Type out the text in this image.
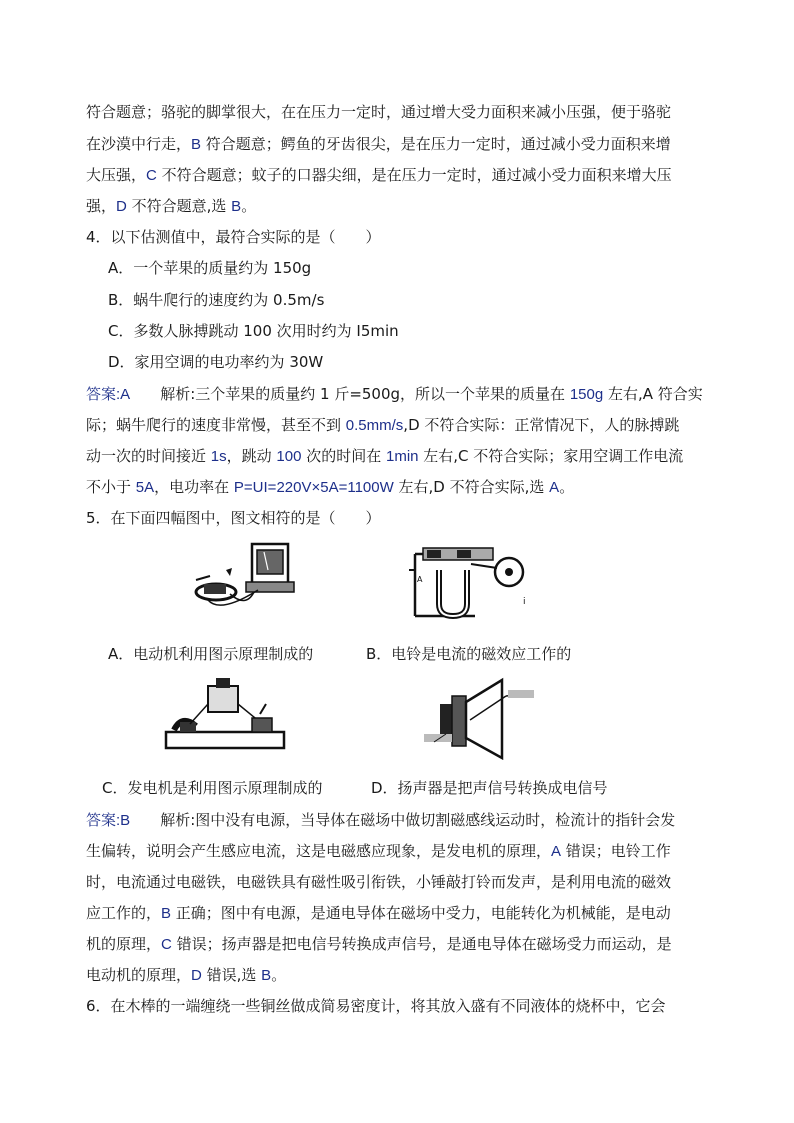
符合题意；骆驼的脚掌很大，在在压力一定时，通过增大受力面积来减小压强，便于骆驼
在沙漠中行走，B 符合题意；鳄鱼的牙齿很尖，是在压力一定时，通过减小受力面积来增
大压强，C 不符合题意；蚊子的口器尖细，是在压力一定时，通过减小受力面积来增大压
强，D 不符合题意,选 B。
4．以下估测值中，最符合实际的是（　　）
A．一个苹果的质量约为 150g
B．蜗牛爬行的速度约为 0.5m/s
C．多数人脉搏跳动 100 次用时约为 I5min
D．家用空调的电功率约为 30W
答案:A　　解析:三个苹果的质量约 1 斤=500g，所以一个苹果的质量在 150g 左右,A 符合实
际；蜗牛爬行的速度非常慢，甚至不到 0.5mm/s,D 不符合实际：正常情况下，人的脉搏跳
动一次的时间接近 1s，跳动 100 次的时间在 1min 左右,C 不符合实际；家用空调工作电流
不小于 5A，电功率在 P=UI=220V×5A=1100W 左右,D 不符合实际,选 A。
5．在下面四幅图中，图文相符的是（　　）
A
i
A．电动机利用图示原理制成的	B．电铃是电流的磁效应工作的
C．发电机是利用图示原理制成的	D．扬声器是把声信号转换成电信号
答案:B　　解析:图中没有电源，当导体在磁场中做切割磁感线运动时，检流计的指针会发
生偏转，说明会产生感应电流，这是电磁感应现象，是发电机的原理，A 错误；电铃工作
时，电流通过电磁铁，电磁铁具有磁性吸引衔铁，小锤敲打铃而发声，是利用电流的磁效
应工作的，B 正确；图中有电源，是通电导体在磁场中受力，电能转化为机械能，是电动
机的原理，C 错误；扬声器是把电信号转换成声信号，是通电导体在磁场受力而运动，是
电动机的原理，D 错误,选 B。
6．在木棒的一端缠绕一些铜丝做成简易密度计，将其放入盛有不同液体的烧杯中，它会
